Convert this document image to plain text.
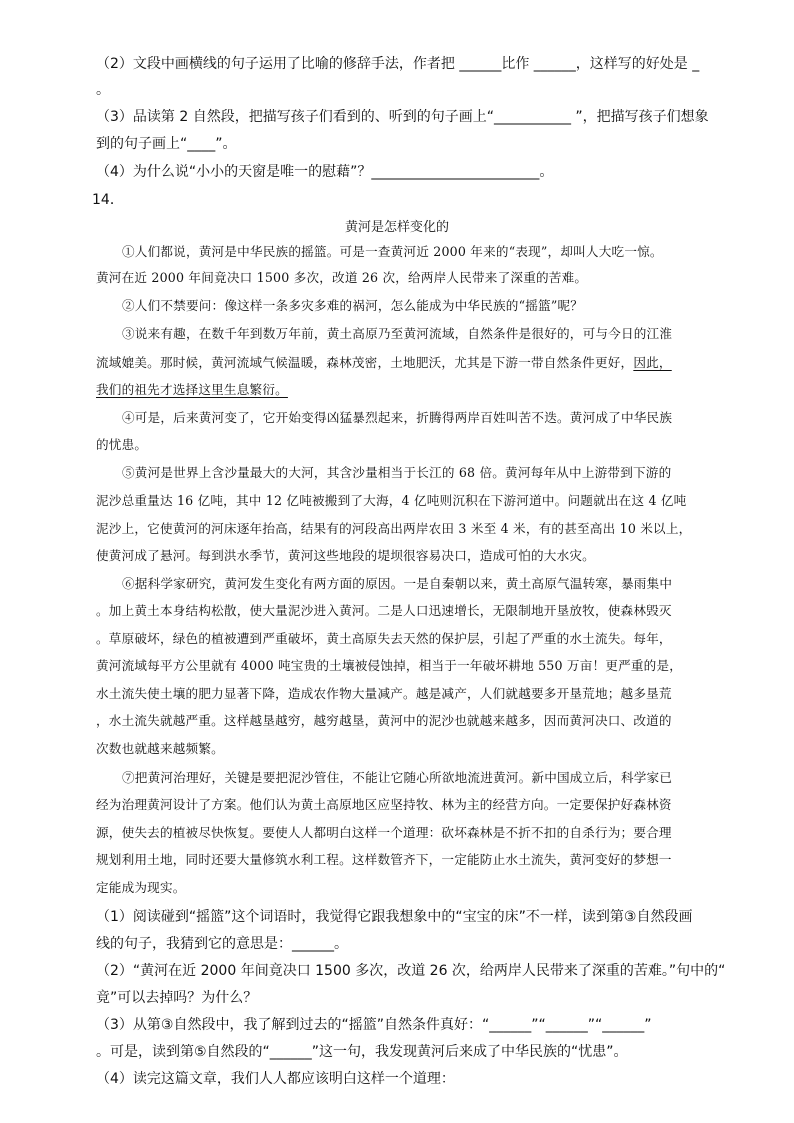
（2）文段中画横线的句子运用了比喻的修辞手法，作者把 ______比作 ______，这样写的好处是 _
。
（3）品读第 2 自然段，把描写孩子们看到的、听到的句子画上“___________ ”，把描写孩子们想象
到的句子画上“____”。
（4）为什么说“小小的天窗是唯一的慰藉”？________________________。
14．
黄河是怎样变化的
①人们都说，黄河是中华民族的摇篮。可是一查黄河近 2000 年来的“表现”，却叫人大吃一惊。
黄河在近 2000 年间竟决口 1500 多次，改道 26 次，给两岸人民带来了深重的苦难。
②人们不禁要问：像这样一条多灾多难的祸河，怎么能成为中华民族的“摇篮”呢？
③说来有趣，在数千年到数万年前，黄土高原乃至黄河流域，自然条件是很好的，可与今日的江淮
流域媲美。那时候，黄河流域气候温暖，森林茂密，土地肥沃，尤其是下游一带自然条件更好，因此，
我们的祖先才选择这里生息繁衍。
④可是，后来黄河变了，它开始变得凶猛暴烈起来，折腾得两岸百姓叫苦不迭。黄河成了中华民族
的忧患。
⑤黄河是世界上含沙量最大的大河，其含沙量相当于长江的 68 倍。黄河每年从中上游带到下游的
泥沙总重量达 16 亿吨，其中 12 亿吨被搬到了大海，4 亿吨则沉积在下游河道中。问题就出在这 4 亿吨
泥沙上，它使黄河的河床逐年抬高，结果有的河段高出两岸农田 3 米至 4 米，有的甚至高出 10 米以上，
使黄河成了悬河。每到洪水季节，黄河这些地段的堤坝很容易决口，造成可怕的大水灾。
⑥据科学家研究，黄河发生变化有两方面的原因。一是自秦朝以来，黄土高原气温转寒，暴雨集中
。加上黄土本身结构松散，使大量泥沙进入黄河。二是人口迅速增长，无限制地开垦放牧，使森林毁灭
。草原破坏，绿色的植被遭到严重破坏，黄土高原失去天然的保护层，引起了严重的水土流失。每年，
黄河流域每平方公里就有 4000 吨宝贵的土壤被侵蚀掉，相当于一年破坏耕地 550 万亩！更严重的是，
水土流失使土壤的肥力显著下降，造成农作物大量减产。越是减产，人们就越要多开垦荒地；越多垦荒
，水土流失就越严重。这样越垦越穷，越穷越垦，黄河中的泥沙也就越来越多，因而黄河决口、改道的
次数也就越来越频繁。
⑦把黄河治理好，关键是要把泥沙管住，不能让它随心所欲地流进黄河。新中国成立后，科学家已
经为治理黄河设计了方案。他们认为黄土高原地区应坚持牧、林为主的经营方向。一定要保护好森林资
源，使失去的植被尽快恢复。要使人人都明白这样一个道理：砍坏森林是不折不扣的自杀行为；要合理
规划利用土地，同时还要大量修筑水利工程。这样数管齐下，一定能防止水土流失，黄河变好的梦想一
定能成为现实。
（1）阅读碰到“摇篮”这个词语时，我觉得它跟我想象中的“宝宝的床”不一样，读到第③自然段画
线的句子，我猜到它的意思是：______。
（2）“黄河在近 2000 年间竟决口 1500 多次，改道 26 次，给两岸人民带来了深重的苦难。”句中的“
竟”可以去掉吗？为什么？
（3）从第③自然段中，我了解到过去的“摇篮”自然条件真好：“______”“______”“______”
。可是，读到第⑤自然段的“______”这一句，我发现黄河后来成了中华民族的“忧患”。
（4）读完这篇文章，我们人人都应该明白这样一个道理：
